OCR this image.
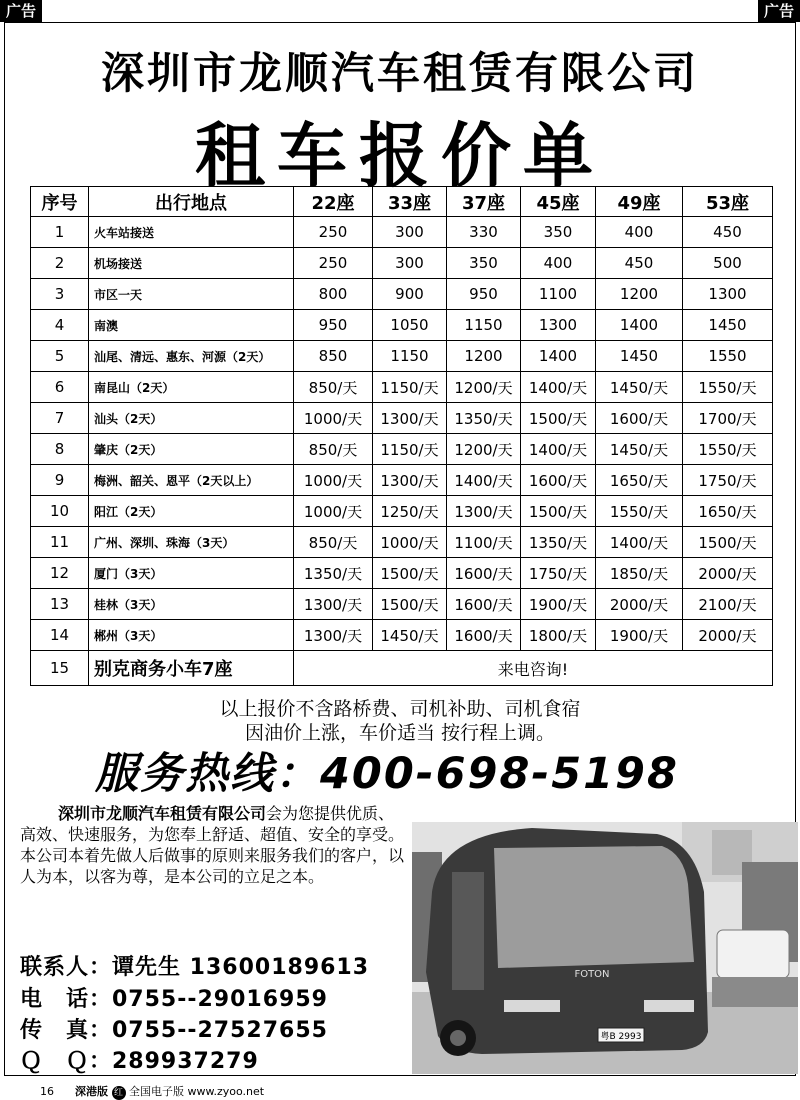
广告	广告
深圳市龙顺汽车租赁有限公司
租车报价单
序号	出行地点	22座	33座	37座	45座	49座	53座
1	火车站接送	250	300	330	350	400	450
2	机场接送	250	300	350	400	450	500
3	市区一天	800	900	950	1100	1200	1300
4	南澳	950	1050	1150	1300	1400	1450
5	汕尾、清远、惠东、河源（2天）	850	1150	1200	1400	1450	1550
6	南昆山（2天）	850/天	1150/天	1200/天	1400/天	1450/天	1550/天
7	汕头（2天）	1000/天	1300/天	1350/天	1500/天	1600/天	1700/天
8	肇庆（2天）	850/天	1150/天	1200/天	1400/天	1450/天	1550/天
9	梅洲、韶关、恩平（2天以上）	1000/天	1300/天	1400/天	1600/天	1650/天	1750/天
10	阳江（2天）	1000/天	1250/天	1300/天	1500/天	1550/天	1650/天
11	广州、深圳、珠海（3天）	850/天	1000/天	1100/天	1350/天	1400/天	1500/天
12	厦门（3天）	1350/天	1500/天	1600/天	1750/天	1850/天	2000/天
13	桂林（3天）	1300/天	1500/天	1600/天	1900/天	2000/天	2100/天
14	郴州（3天）	1300/天	1450/天	1600/天	1800/天	1900/天	2000/天
15	别克商务小车7座	来电咨询!					
以上报价不含路桥费、司机补助、司机食宿
因油价上涨，车价适当 按行程上调。
服务热线：400-698-5198
深圳市龙顺汽车租赁有限公司会为您提供优质、高效、快速服务，为您奉上舒适、超值、安全的享受。本公司本着先做人后做事的原则来服务我们的客户，以人为本，以客为尊，是本公司的立足之本。
联系人：谭先生 13600189613
电　话：0755--29016959
传　真：0755--27527655
Ｑ　Ｑ：289937279
FOTON
粤B 2993
16 深港版 红 全国电子版 www.zyoo.net
